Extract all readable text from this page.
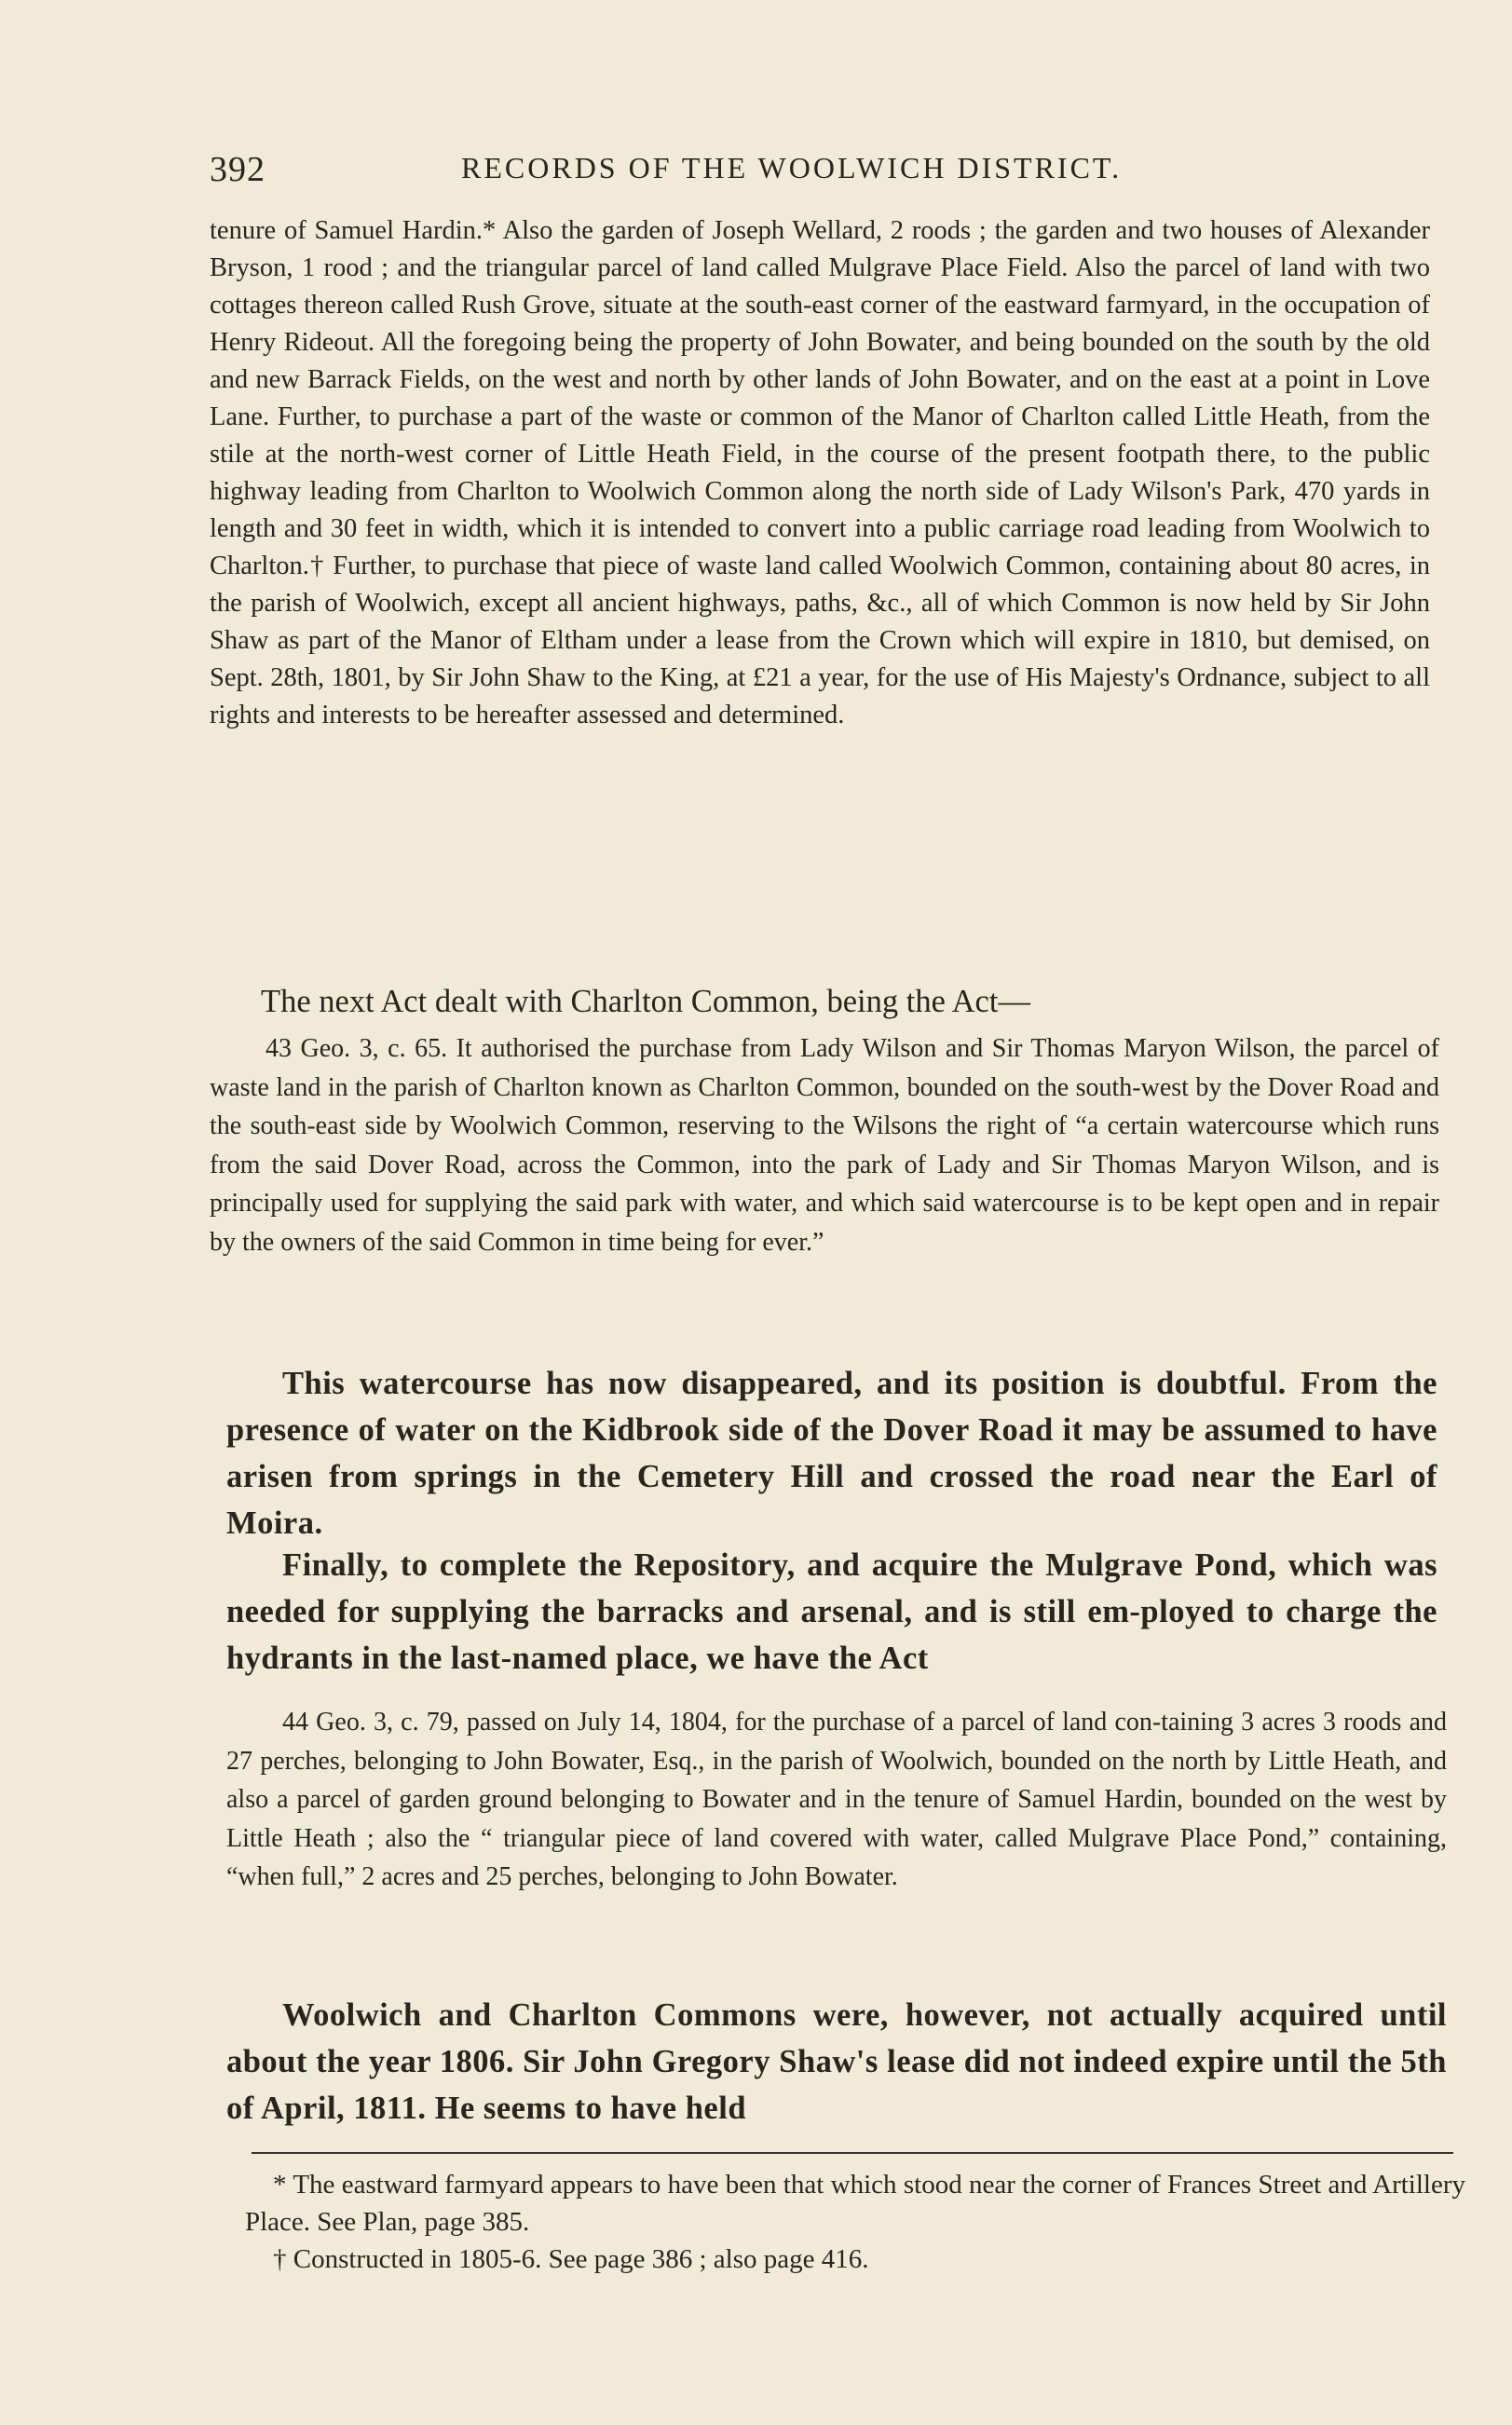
392	RECORDS OF THE WOOLWICH DISTRICT.

tenure of Samuel Hardin.* Also the garden of Joseph Wellard, 2 roods ; the garden and two houses of Alexander Bryson, 1 rood ; and the triangular parcel of land called Mulgrave Place Field. Also the parcel of land with two cottages thereon called Rush Grove, situate at the south-east corner of the eastward farmyard, in the occupation of Henry Rideout. All the foregoing being the property of John Bowater, and being bounded on the south by the old and new Barrack Fields, on the west and north by other lands of John Bowater, and on the east at a point in Love Lane. Further, to purchase a part of the waste or common of the Manor of Charlton called Little Heath, from the stile at the north-west corner of Little Heath Field, in the course of the present footpath there, to the public highway leading from Charlton to Woolwich Common along the north side of Lady Wilson's Park, 470 yards in length and 30 feet in width, which it is intended to convert into a public carriage road leading from Woolwich to Charlton.† Further, to purchase that piece of waste land called Woolwich Common, containing about 80 acres, in the parish of Woolwich, except all ancient highways, paths, &c., all of which Common is now held by Sir John Shaw as part of the Manor of Eltham under a lease from the Crown which will expire in 1810, but demised, on Sept. 28th, 1801, by Sir John Shaw to the King, at £21 a year, for the use of His Majesty's Ordnance, subject to all rights and interests to be hereafter assessed and determined.

The next Act dealt with Charlton Common, being the Act—

43 Geo. 3, c. 65. It authorised the purchase from Lady Wilson and Sir Thomas Maryon Wilson, the parcel of waste land in the parish of Charlton known as Charlton Common, bounded on the south-west by the Dover Road and the south-east side by Woolwich Common, reserving to the Wilsons the right of “a certain watercourse which runs from the said Dover Road, across the Common, into the park of Lady and Sir Thomas Maryon Wilson, and is principally used for supplying the said park with water, and which said watercourse is to be kept open and in repair by the owners of the said Common in time being for ever.”

This watercourse has now disappeared, and its position is doubtful. From the presence of water on the Kidbrook side of the Dover Road it may be assumed to have arisen from springs in the Cemetery Hill and crossed the road near the Earl of Moira.

Finally, to complete the Repository, and acquire the Mulgrave Pond, which was needed for supplying the barracks and arsenal, and is still em-ployed to charge the hydrants in the last-named place, we have the Act

44 Geo. 3, c. 79, passed on July 14, 1804, for the purchase of a parcel of land con-taining 3 acres 3 roods and 27 perches, belonging to John Bowater, Esq., in the parish of Woolwich, bounded on the north by Little Heath, and also a parcel of garden ground belonging to Bowater and in the tenure of Samuel Hardin, bounded on the west by Little Heath ; also the “ triangular piece of land covered with water, called Mulgrave Place Pond,” containing, “when full,” 2 acres and 25 perches, belonging to John Bowater.

Woolwich and Charlton Commons were, however, not actually acquired until about the year 1806. Sir John Gregory Shaw's lease did not indeed expire until the 5th of April, 1811. He seems to have held

* The eastward farmyard appears to have been that which stood near the corner of Frances Street and Artillery Place. See Plan, page 385.

† Constructed in 1805-6. See page 386 ; also page 416.
